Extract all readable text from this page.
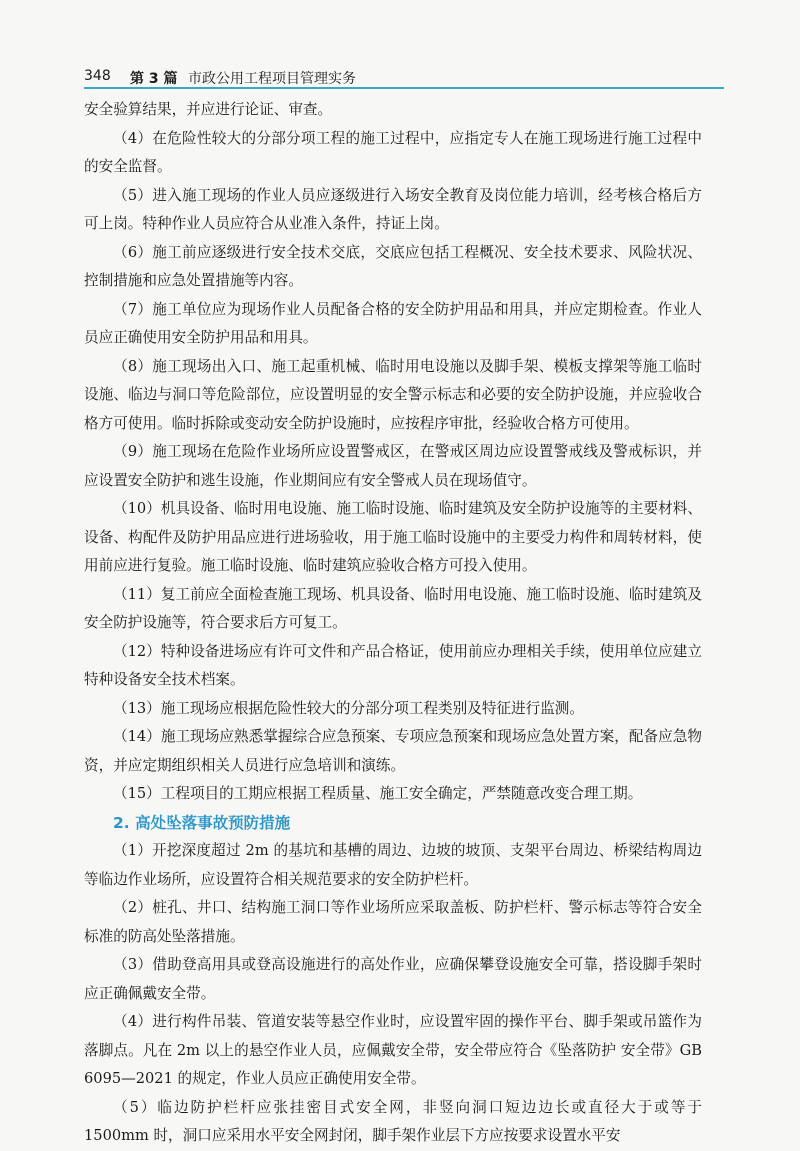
348 第 3 篇 市政公用工程项目管理实务

安全验算结果，并应进行论证、审查。

（4）在危险性较大的分部分项工程的施工过程中，应指定专人在施工现场进行施工过程中的安全监督。

（5）进入施工现场的作业人员应逐级进行入场安全教育及岗位能力培训，经考核合格后方可上岗。特种作业人员应符合从业准入条件，持证上岗。

（6）施工前应逐级进行安全技术交底，交底应包括工程概况、安全技术要求、风险状况、控制措施和应急处置措施等内容。

（7）施工单位应为现场作业人员配备合格的安全防护用品和用具，并应定期检查。作业人员应正确使用安全防护用品和用具。

（8）施工现场出入口、施工起重机械、临时用电设施以及脚手架、模板支撑架等施工临时设施、临边与洞口等危险部位，应设置明显的安全警示标志和必要的安全防护设施，并应验收合格方可使用。临时拆除或变动安全防护设施时，应按程序审批，经验收合格方可使用。

（9）施工现场在危险作业场所应设置警戒区，在警戒区周边应设置警戒线及警戒标识，并应设置安全防护和逃生设施，作业期间应有安全警戒人员在现场值守。

（10）机具设备、临时用电设施、施工临时设施、临时建筑及安全防护设施等的主要材料、设备、构配件及防护用品应进行进场验收，用于施工临时设施中的主要受力构件和周转材料，使用前应进行复验。施工临时设施、临时建筑应验收合格方可投入使用。

（11）复工前应全面检查施工现场、机具设备、临时用电设施、施工临时设施、临时建筑及安全防护设施等，符合要求后方可复工。

（12）特种设备进场应有许可文件和产品合格证，使用前应办理相关手续，使用单位应建立特种设备安全技术档案。

（13）施工现场应根据危险性较大的分部分项工程类别及特征进行监测。

（14）施工现场应熟悉掌握综合应急预案、专项应急预案和现场应急处置方案，配备应急物资，并应定期组织相关人员进行应急培训和演练。

（15）工程项目的工期应根据工程质量、施工安全确定，严禁随意改变合理工期。

2. 高处坠落事故预防措施

（1）开挖深度超过 2m 的基坑和基槽的周边、边坡的坡顶、支架平台周边、桥梁结构周边等临边作业场所，应设置符合相关规范要求的安全防护栏杆。

（2）桩孔、井口、结构施工洞口等作业场所应采取盖板、防护栏杆、警示标志等符合安全标准的防高处坠落措施。

（3）借助登高用具或登高设施进行的高处作业，应确保攀登设施安全可靠，搭设脚手架时应正确佩戴安全带。

（4）进行构件吊装、管道安装等悬空作业时，应设置牢固的操作平台、脚手架或吊篮作为落脚点。凡在 2m 以上的悬空作业人员，应佩戴安全带，安全带应符合《坠落防护 安全带》GB 6095—2021 的规定，作业人员应正确使用安全带。

（5）临边防护栏杆应张挂密目式安全网，非竖向洞口短边边长或直径大于或等于 1500mm 时，洞口应采用水平安全网封闭，脚手架作业层下方应按要求设置水平安
